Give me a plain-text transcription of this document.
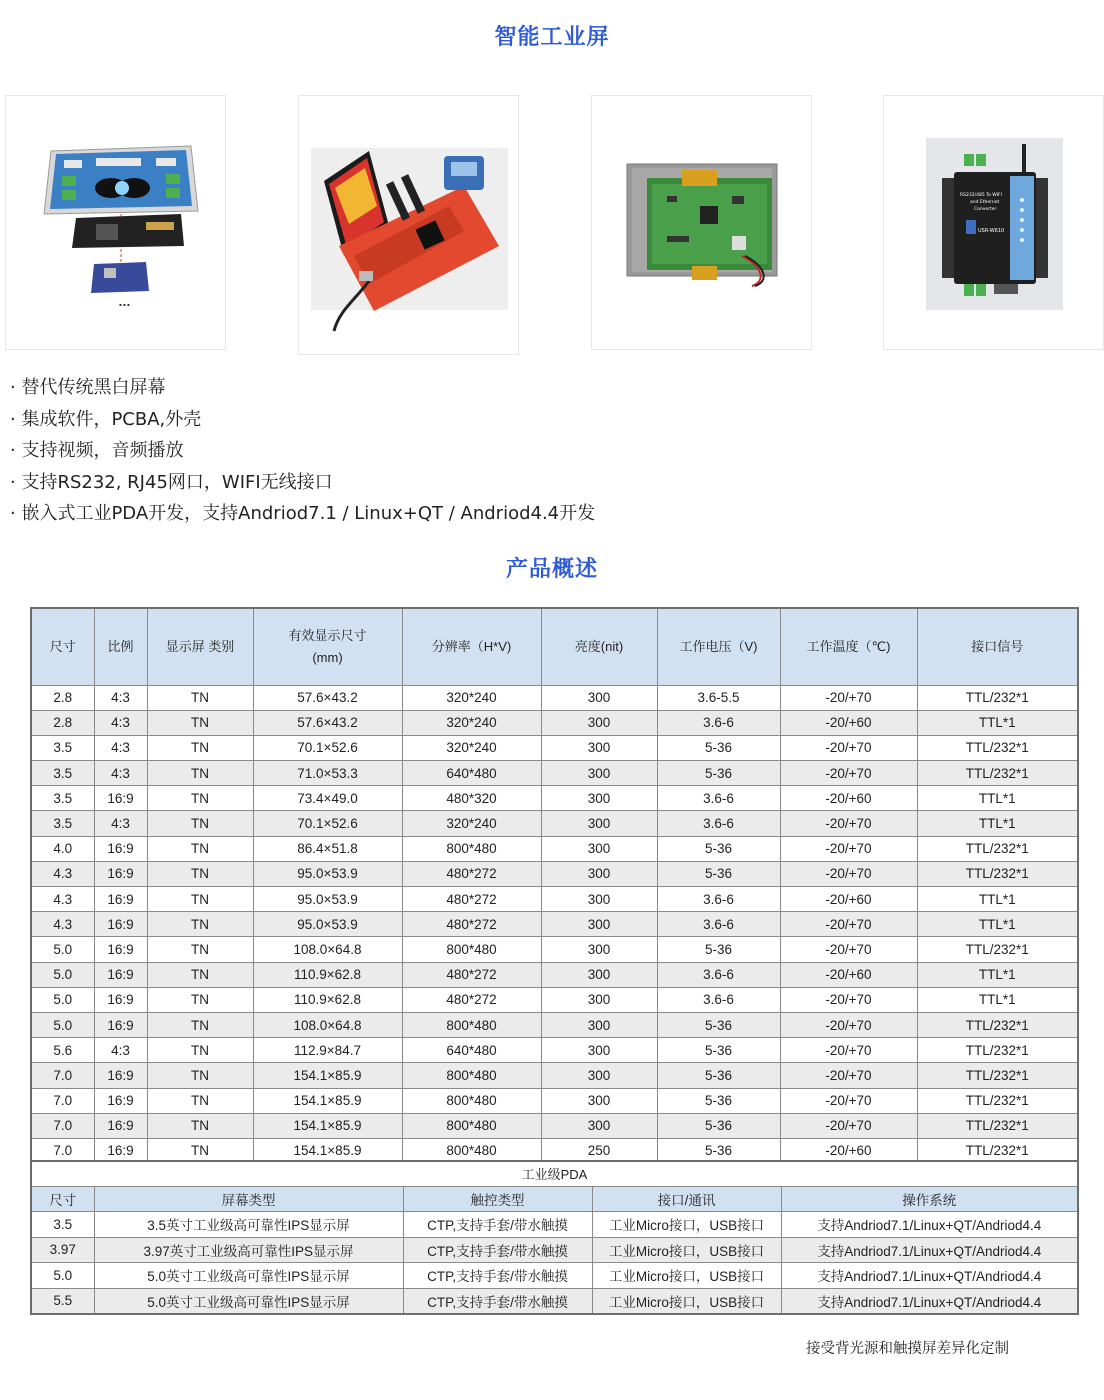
智能工业屏
▪ ▪ ▪
RS232/485 To WIFI
and Ethernet
Converter
USR-W610
· 替代传统黑白屏幕
· 集成软件，PCBA,外壳
· 支持视频，音频播放
· 支持RS232, RJ45网口，WIFI无线接口
· 嵌入式工业PDA开发，支持Andriod7.1 / Linux+QT / Andriod4.4开发
产品概述
尺寸	比例	显示屏 类别	有效显示尺寸
(mm)	分辨率（H*V)	亮度(nit)	工作电压（V)	工作温度（℃)	接口信号
2.8	4:3	TN	57.6×43.2	320*240	300	3.6-5.5	-20/+70	TTL/232*1
2.8	4:3	TN	57.6×43.2	320*240	300	3.6-6	-20/+60	TTL*1
3.5	4:3	TN	70.1×52.6	320*240	300	5-36	-20/+70	TTL/232*1
3.5	4:3	TN	71.0×53.3	640*480	300	5-36	-20/+70	TTL/232*1
3.5	16:9	TN	73.4×49.0	480*320	300	3.6-6	-20/+60	TTL*1
3.5	4:3	TN	70.1×52.6	320*240	300	3.6-6	-20/+70	TTL*1
4.0	16:9	TN	86.4×51.8	800*480	300	5-36	-20/+70	TTL/232*1
4.3	16:9	TN	95.0×53.9	480*272	300	5-36	-20/+70	TTL/232*1
4.3	16:9	TN	95.0×53.9	480*272	300	3.6-6	-20/+60	TTL*1
4.3	16:9	TN	95.0×53.9	480*272	300	3.6-6	-20/+70	TTL*1
5.0	16:9	TN	108.0×64.8	800*480	300	5-36	-20/+70	TTL/232*1
5.0	16:9	TN	110.9×62.8	480*272	300	3.6-6	-20/+60	TTL*1
5.0	16:9	TN	110.9×62.8	480*272	300	3.6-6	-20/+70	TTL*1
5.0	16:9	TN	108.0×64.8	800*480	300	5-36	-20/+70	TTL/232*1
5.6	4:3	TN	112.9×84.7	640*480	300	5-36	-20/+70	TTL/232*1
7.0	16:9	TN	154.1×85.9	800*480	300	5-36	-20/+70	TTL/232*1
7.0	16:9	TN	154.1×85.9	800*480	300	5-36	-20/+70	TTL/232*1
7.0	16:9	TN	154.1×85.9	800*480	300	5-36	-20/+70	TTL/232*1
7.0	16:9	TN	154.1×85.9	800*480	250	5-36	-20/+60	TTL/232*1
工业级PDA				
尺寸	屏幕类型	触控类型	接口/通讯	操作系统
3.5	3.5英寸工业级高可靠性IPS显示屏	CTP,支持手套/带水触摸	工业Micro接口，USB接口	支持Andriod7.1/Linux+QT/Andriod4.4
3.97	3.97英寸工业级高可靠性IPS显示屏	CTP,支持手套/带水触摸	工业Micro接口，USB接口	支持Andriod7.1/Linux+QT/Andriod4.4
5.0	5.0英寸工业级高可靠性IPS显示屏	CTP,支持手套/带水触摸	工业Micro接口，USB接口	支持Andriod7.1/Linux+QT/Andriod4.4
5.5	5.0英寸工业级高可靠性IPS显示屏	CTP,支持手套/带水触摸	工业Micro接口，USB接口	支持Andriod7.1/Linux+QT/Andriod4.4
接受背光源和触摸屏差异化定制
